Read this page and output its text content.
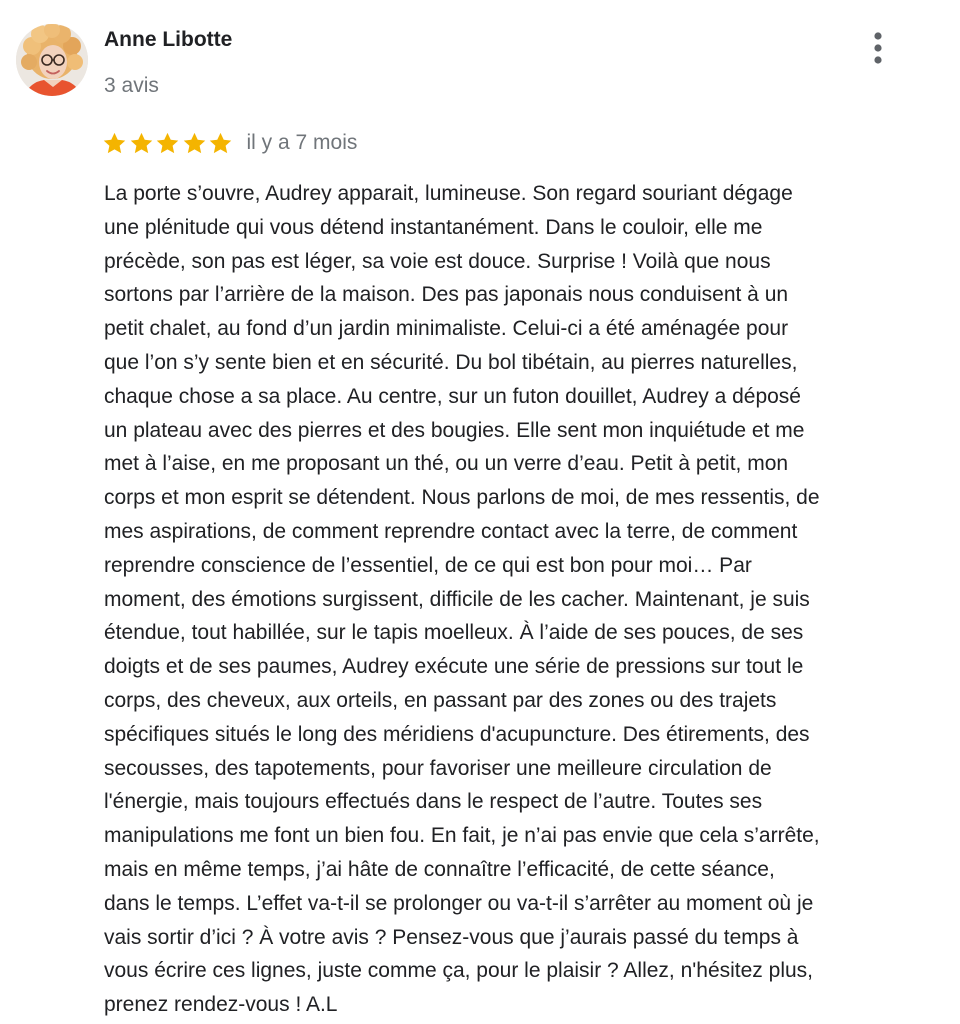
Anne Libotte
3 avis
il y a 7 mois

La porte s’ouvre, Audrey apparait, lumineuse. Son regard souriant dégage
une plénitude qui vous détend instantanément. Dans le couloir, elle me
précède, son pas est léger, sa voie est douce. Surprise ! Voilà que nous
sortons par l’arrière de la maison. Des pas japonais nous conduisent à un
petit chalet, au fond d’un jardin minimaliste. Celui-ci a été aménagée pour
que l’on s’y sente bien et en sécurité. Du bol tibétain, au pierres naturelles,
chaque chose a sa place. Au centre, sur un futon douillet, Audrey a déposé
un plateau avec des pierres et des bougies. Elle sent mon inquiétude et me
met à l’aise, en me proposant un thé, ou un verre d’eau. Petit à petit, mon
corps et mon esprit se détendent. Nous parlons de moi, de mes ressentis, de
mes aspirations, de comment reprendre contact avec la terre, de comment
reprendre conscience de l’essentiel, de ce qui est bon pour moi… Par
moment, des émotions surgissent, difficile de les cacher. Maintenant, je suis
étendue, tout habillée, sur le tapis moelleux. À l’aide de ses pouces, de ses
doigts et de ses paumes, Audrey exécute une série de pressions sur tout le
corps, des cheveux, aux orteils, en passant par des zones ou des trajets
spécifiques situés le long des méridiens d'acupuncture. Des étirements, des
secousses, des tapotements, pour favoriser une meilleure circulation de
l'énergie, mais toujours effectués dans le respect de l’autre. Toutes ses
manipulations me font un bien fou. En fait, je n’ai pas envie que cela s’arrête,
mais en même temps, j’ai hâte de connaître l’efficacité, de cette séance,
dans le temps. L’effet va-t-il se prolonger ou va-t-il s’arrêter au moment où je
vais sortir d’ici ? À votre avis ? Pensez-vous que j’aurais passé du temps à
vous écrire ces lignes, juste comme ça, pour le plaisir ? Allez, n'hésitez plus,
prenez rendez-vous ! A.L
